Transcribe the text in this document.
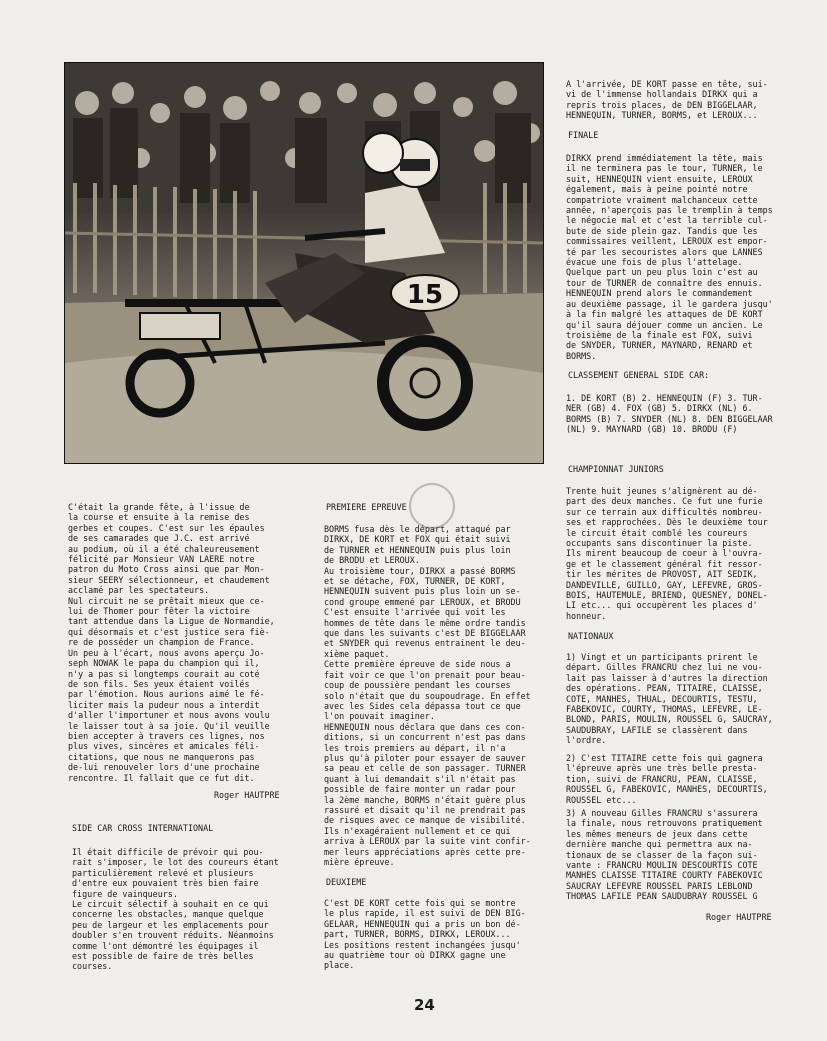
15
C'était la grande fête, à l'issue de
la course et ensuite à la remise des
gerbes et coupes. C'est sur les épaules
de ses camarades que J.C. est arrivé
au podium, où il a été chaleureusement
félicité par Monsieur VAN LAERE notre
patron du Moto Cross ainsi que par Mon-
sieur SEERY sélectionneur, et chaudement
acclamé par les spectateurs.
Nul circuit ne se prêtait mieux que ce-
lui de Thomer pour fêter la victoire
tant attendue dans la Ligue de Normandie,
qui désormais et c'est justice sera fiè-
re de posséder un champion de France.
Un peu à l'écart, nous avons aperçu Jo-
seph NOWAK le papa du champion qui il,
n'y a pas si longtemps courait au coté
de son fils. Ses yeux étaient voilés
par l'émotion. Nous aurions aimé le fé-
liciter mais la pudeur nous a interdit
d'aller l'importuner et nous avons voulu
le laisser tout à sa joie. Qu'il veuille
bien accepter à travers ces lignes, nos
plus vives, sincères et amicales féli-
citations, que nous ne manquerons pas
de-lui renouveler lors d'une prochaine
rencontre. Il fallait que ce fut dit.
Roger HAUTPRE
SIDE CAR CROSS INTERNATIONAL
Il était difficile de prévoir qui pou-
rait s'imposer, le lot des coureurs étant
particulièrement relevé et plusieurs
d'entre eux pouvaient très bien faire
figure de vainqueurs.
Le circuit sélectif à souhait en ce qui
concerne les obstacles, manque quelque
peu de largeur et les emplacements pour
doubler s'en trouvent réduits. Néanmoins
comme l'ont démontré les équipages il
est possible de faire de très belles
courses.
PREMIERE EPREUVE
BORMS fusa dès le départ, attaqué par
DIRKX, DE KORT et FOX qui était suivi
de TURNER et HENNEQUIN puis plus loin
de BRODU et LEROUX.
Au troisième tour, DIRKX a passé BORMS
et se détache, FOX, TURNER, DE KORT,
HENNEQUIN suivent puis plus loin un se-
cond groupe emmené par LEROUX, et BRODU
C'est ensuite l'arrivée qui voit les
hommes de tête dans le même ordre tandis
que dans les suivants c'est DE BIGGELAAR
et SNYDER qui revenus entrainent le deu-
xième paquet.
Cette première épreuve de side nous a
fait voir ce que l'on prenait pour beau-
coup de poussière pendant les courses
solo n'était que du soupoudrage. En effet
avec les Sides cela dépassa tout ce que
l'on pouvait imaginer.
HENNEQUIN nous déclara que dans ces con-
ditions, si un concurrent n'est pas dans
les trois premiers au départ, il n'a
plus qu'à piloter pour essayer de sauver
sa peau et celle de son passager. TURNER
quant à lui demandait s'il n'était pas
possible de faire monter un radar pour
la 2ème manche, BORMS n'était guère plus
rassuré et disait qu'il ne prendrait pas
de risques avec ce manque de visibilité.
Ils n'exagéraient nullement et ce qui
arriva à LEROUX par la suite vint confir-
mer leurs appréciations après cette pre-
mière épreuve.
DEUXIEME
C'est DE KORT cette fois qui se montre
le plus rapide, il est suivi de DEN BIG-
GELAAR, HENNEQUIN qui a pris un bon dé-
part, TURNER, BORMS, DIRKX, LEROUX...
Les positions restent inchangées jusqu'
au quatrième tour où DIRKX gagne une
place.
A l'arrivée, DE KORT passe en tête, sui-
vi de l'immense hollandais DIRKX qui a
repris trois places, de DEN BIGGELAAR,
HENNEQUIN, TURNER, BORMS, et LEROUX...
FINALE
DIRKX prend immédiatement la tête, mais
il ne terminera pas le tour, TURNER, le
suit, HENNEQUIN vient ensuite, LEROUX
également, mais à peine pointé notre
compatriote vraiment malchanceux cette
année, n'aperçois pas le tremplin à temps
le négocie mal et c'est la terrible cul-
bute de side plein gaz. Tandis que les
commissaires veillent, LEROUX est empor-
té par les secouristes alors que LANNES
évacue une fois de plus l'attelage.
Quelque part un peu plus loin c'est au
tour de TURNER de connaître des ennuis.
HENNEQUIN prend alors le commandement
au deuxième passage, il le gardera jusqu'
à la fin malgré les attaques de DE KORT
qu'il saura déjouer comme un ancien. Le
troisième de la finale est FOX, suivi
de SNYDER, TURNER, MAYNARD, RENARD et
BORMS.
CLASSEMENT GENERAL SIDE CAR:
1. DE KORT (B) 2. HENNEQUIN (F) 3. TUR-
NER (GB) 4. FOX (GB) 5. DIRKX (NL) 6.
BORMS (B) 7. SNYDER (NL) 8. DEN BIGGELAAR
(NL) 9. MAYNARD (GB) 10. BRODU (F)
CHAMPIONNAT JUNIORS
Trente huit jeunes s'alignèrent au dé-
part des deux manches. Ce fut une furie
sur ce terrain aux difficultés nombreu-
ses et rapprochées. Dès le deuxième tour
le circuit était comblé les coureurs
occupants sans discontinuer la piste.
Ils mirent beaucoup de coeur à l'ouvra-
ge et le classement général fit ressor-
tir les mérites de PROVOST, AIT SEDIK,
DANDEVILLE, GUILLO, GAY, LEFEVRE, GROS-
BOIS, HAUTEMULE, BRIEND, QUESNEY, DONEL-
LI etc... qui occupèrent les places d'
honneur.
NATIONAUX
1) Vingt et un participants prirent le
départ. Gilles FRANCRU chez lui ne vou-
lait pas laisser à d'autres la direction
des opérations. PEAN, TITAIRE, CLAISSE,
COTE, MANHES, THUAL, DECOURTIS, TESTU,
FABEKOVIC, COURTY, THOMAS, LEFEVRE, LE-
BLOND, PARIS, MOULIN, ROUSSEL G, SAUCRAY,
SAUDUBRAY, LAFILE se classèrent dans
l'ordre.
2) C'est TITAIRE cette fois qui gagnera
l'épreuve après une très belle presta-
tion, suivi de FRANCRU, PEAN, CLAISSE,
ROUSSEL G, FABEKOVIC, MANHES, DECOURTIS,
ROUSSEL etc...
3) A nouveau Gilles FRANCRU s'assurera
la finale, nous retrouvons pratiquement
les mêmes meneurs de jeux dans cette
dernière manche qui permettra aux na-
tionaux de se classer de la façon sui-
vante : FRANCRU MOULIN DESCOURTIS COTE
MANHES CLAISSE TITAIRE COURTY FABEKOVIC
SAUCRAY LEFEVRE ROUSSEL PARIS LEBLOND
THOMAS LAFILE PEAN SAUDUBRAY ROUSSEL G
Roger HAUTPRE
24
